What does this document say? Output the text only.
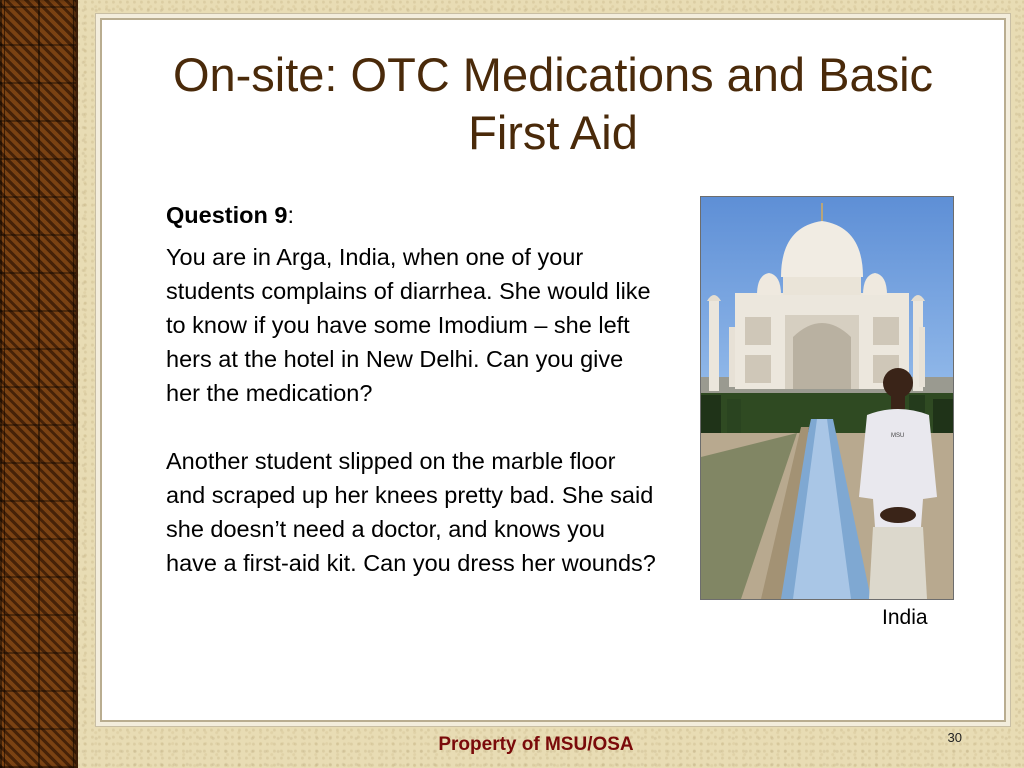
On-site: OTC Medications and Basic First Aid

Question 9:

You are in Arga, India, when one of your students complains of diarrhea. She would like to know if you have some Imodium – she left hers at the hotel in New Delhi. Can you give her the medication?

Another student slipped on the marble floor and scraped up her knees pretty bad. She said she doesn’t need a doctor, and knows you have a first-aid kit. Can you dress her wounds?

MSU
India
Property of MSU/OSA	30
